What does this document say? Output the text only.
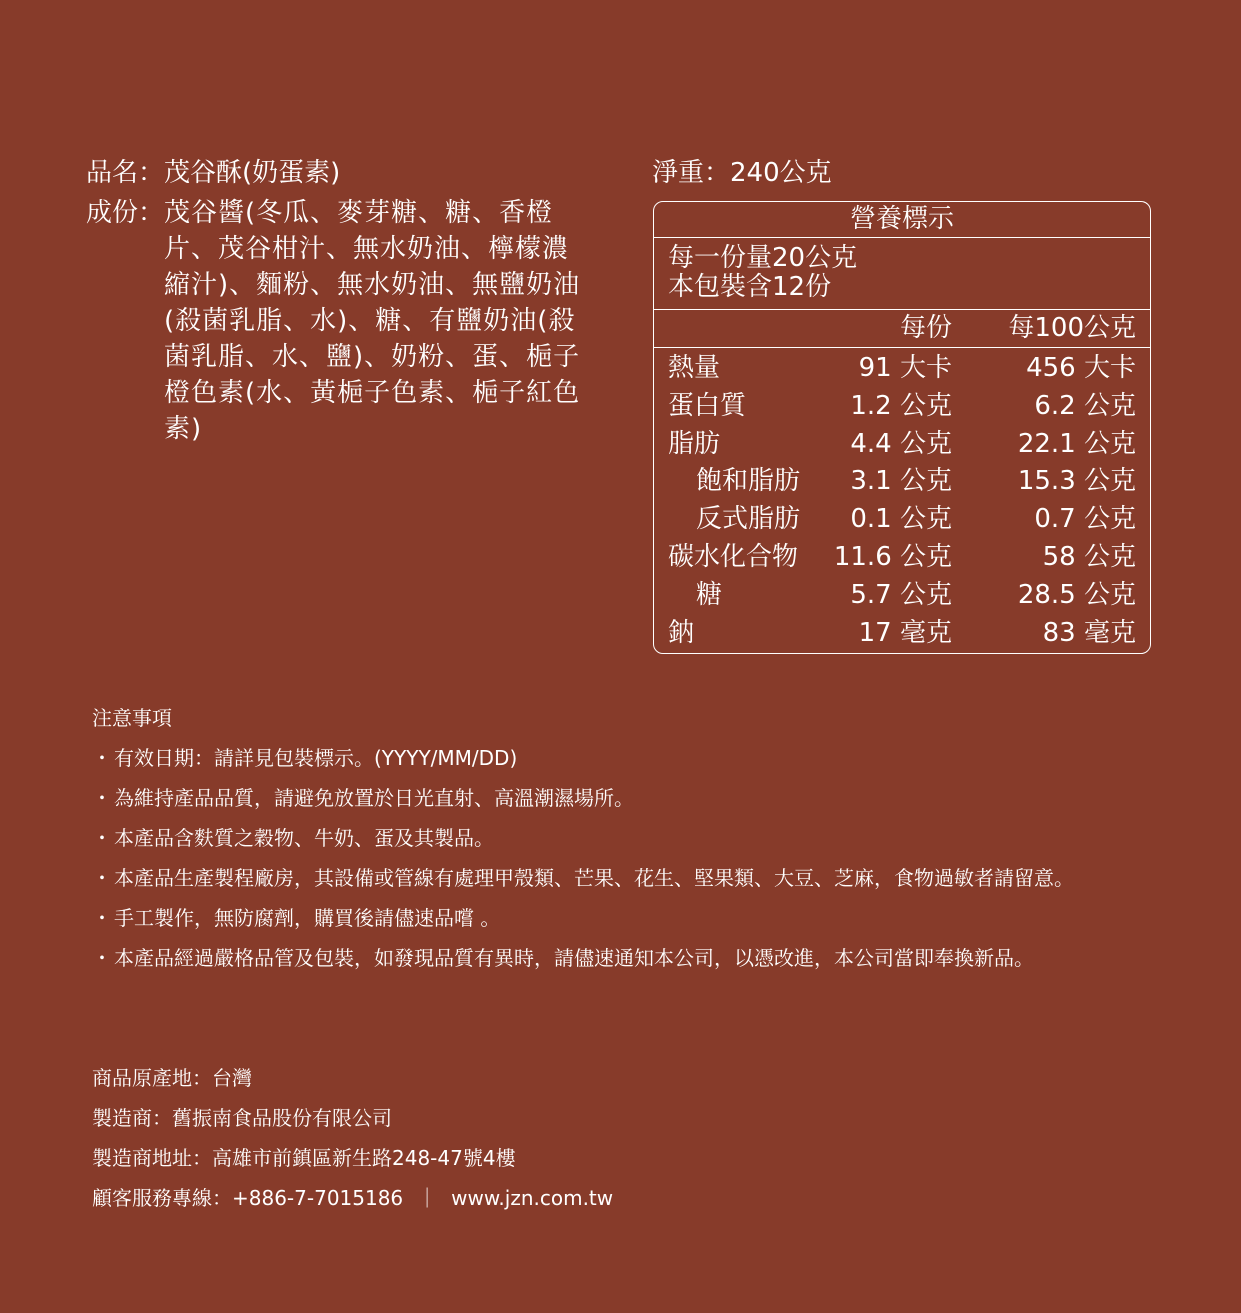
品名： 茂谷酥(奶蛋素)
成份： 茂谷醬(冬瓜、麥芽糖、糖、香橙片、茂谷柑汁、無水奶油、檸檬濃縮汁)、麵粉、無水奶油、無鹽奶油(殺菌乳脂、水)、糖、有鹽奶油(殺菌乳脂、水、鹽)、奶粉、蛋、梔子橙色素(水、黃梔子色素、梔子紅色素)
淨重：240公克
營養標示
每一份量20公克
本包裝含12份
每份 每100公克
熱量	91 大卡	456 大卡
蛋白質	1.2 公克	6.2 公克
脂肪	4.4 公克	22.1 公克
飽和脂肪 3.1 公克	15.3 公克
反式脂肪 0.1 公克	0.7 公克
碳水化合物 11.6 公克	58 公克
糖	5.7 公克	28.5 公克
鈉	17 毫克	83 毫克
注意事項
・ 有效日期：請詳見包裝標示。(YYYY/MM/DD)
・ 為維持產品品質，請避免放置於日光直射、高溫潮濕場所。
・ 本產品含麩質之穀物、牛奶、蛋及其製品。
・ 本產品生產製程廠房，其設備或管線有處理甲殼類、芒果、花生、堅果類、大豆、芝麻，食物過敏者請留意。
・ 手工製作，無防腐劑，購買後請儘速品嚐 。
・ 本產品經過嚴格品管及包裝，如發現品質有異時，請儘速通知本公司，以憑改進，本公司當即奉換新品。
商品原產地：台灣
製造商：舊振南食品股份有限公司
製造商地址：高雄市前鎮區新生路248-47號4樓
顧客服務專線：+886-7-7015186 ｜ www.jzn.com.tw
